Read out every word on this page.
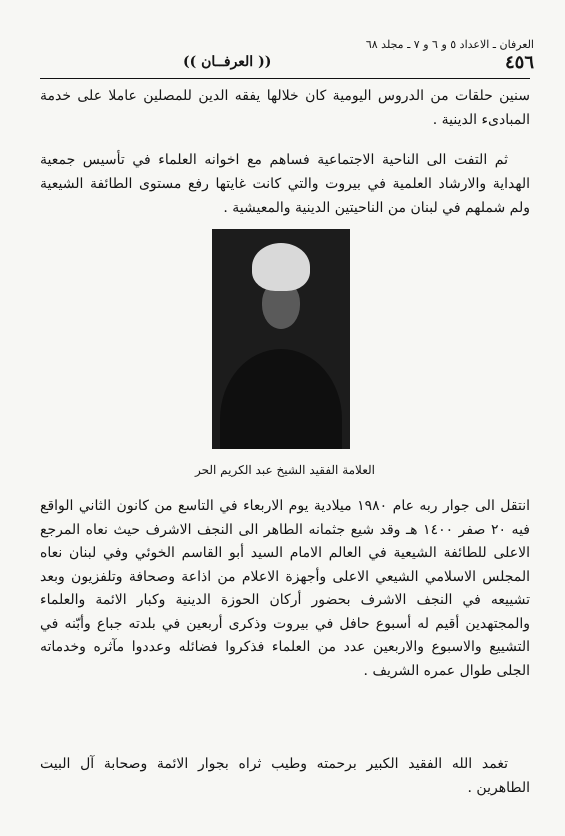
العرفان ـ الاعداد ٥ و ٦ و ٧ ـ مجلد ٦٨
(( العرفــان ))	٤٥٦

سنين حلقات من الدروس اليومية كان خلالها يفقه الدين للمصلين عاملا على خدمة المبادىء الدينية .

ثم التفت الى الناحية الاجتماعية فساهم مع اخوانه العلماء في تأسيس جمعية الهداية والارشاد العلمية في بيروت والتي كانت غايتها رفع مستوى الطائفة الشيعية ولم شملهم في لبنان من الناحيتين الدينية والمعيشية .

العلامة الفقيد الشيخ عبد الكريم الحر

انتقل الى جوار ربه عام ١٩٨٠ ميلادية يوم الاربعاء في التاسع من كانون الثاني الواقع فيه ٢٠ صفر ١٤٠٠ هـ وقد شيع جثمانه الطاهر الى النجف الاشرف حيث نعاه المرجع الاعلى للطائفة الشيعية في العالم الامام السيد أبو القاسم الخوئي وفي لبنان نعاه المجلس الاسلامي الشيعي الاعلى وأجهزة الاعلام من اذاعة وصحافة وتلفزيون وبعد تشييعه في النجف الاشرف بحضور أركان الحوزة الدينية وكبار الائمة والعلماء والمجتهدين أقيم له أسبوع حافل في بيروت وذكرى أربعين في بلدته جباع وأبّنه في التشييع والاسبوع والاربعين عدد من العلماء فذكروا فضائله وعددوا مآثره وخدماته الجلى طوال عمره الشريف .

تغمد الله الفقيد الكبير برحمته وطيب ثراه بجوار الائمة وصحابة آل البيت الطاهرين .
